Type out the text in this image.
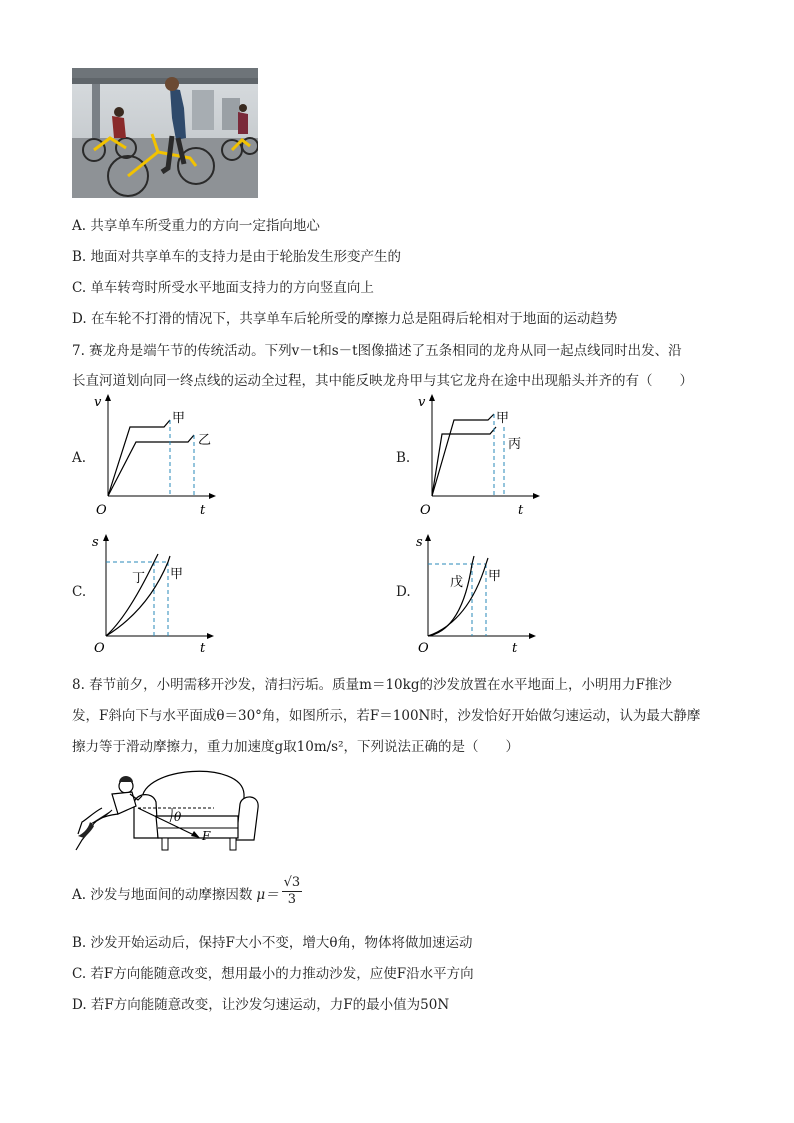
A. 共享单车所受重力的方向一定指向地心
B. 地面对共享单车的支持力是由于轮胎发生形变产生的
C. 单车转弯时所受水平地面支持力的方向竖直向上
D. 在车轮不打滑的情况下，共享单车后轮所受的摩擦力总是阻碍后轮相对于地面的运动趋势
7. 赛龙舟是端午节的传统活动。下列v－t和s－t图像描述了五条相同的龙舟从同一起点线同时出发、沿
长直河道划向同一终点线的运动全过程，其中能反映龙舟甲与其它龙舟在途中出现船头并齐的有（　　）
A.
v
t
O
甲
乙
B.
v
t
O
甲
丙
C.
s
t
O
丁 甲
D.
s
t
O
戊 甲
8. 春节前夕，小明需移开沙发，清扫污垢。质量m＝10kg的沙发放置在水平地面上，小明用力F推沙
发，F斜向下与水平面成θ＝30°角，如图所示，若F＝100N时，沙发恰好开始做匀速运动，认为最大静摩
擦力等于滑动摩擦力，重力加速度g取10m/s²，下列说法正确的是（　　）
θ
F
A. 沙发与地面间的动摩擦因数 μ＝
√3
3
B. 沙发开始运动后，保持F大小不变，增大θ角，物体将做加速运动
C. 若F方向能随意改变，想用最小的力推动沙发，应使F沿水平方向
D. 若F方向能随意改变，让沙发匀速运动，力F的最小值为50N
